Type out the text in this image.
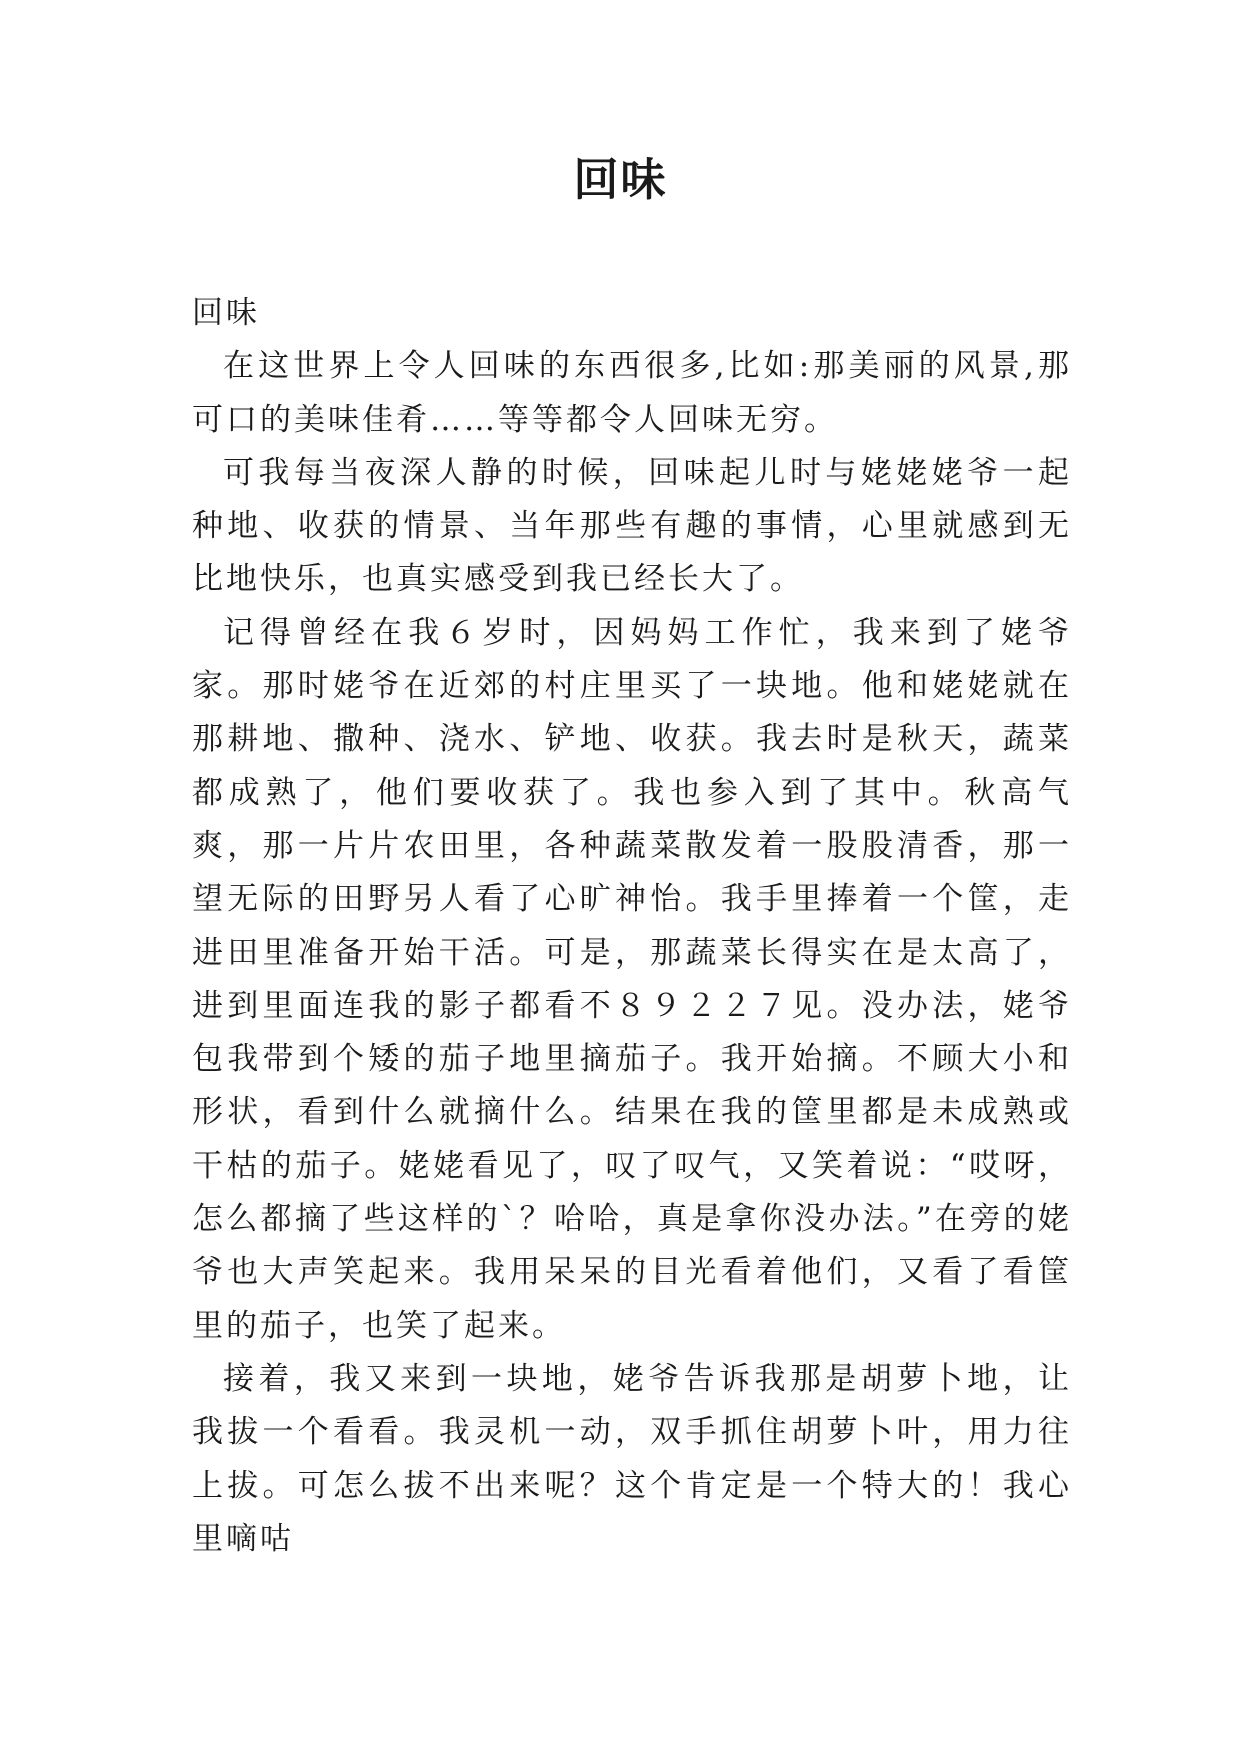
回味

回味

在这世界上令人回味的东西很多,比如:那美丽的风景,那可口的美味佳肴……等等都令人回味无穷。

可我每当夜深人静的时候，回味起儿时与姥姥姥爷一起种地、收获的情景、当年那些有趣的事情，心里就感到无比地快乐，也真实感受到我已经长大了。

记得曾经在我６岁时，因妈妈工作忙，我来到了姥爷家。那时姥爷在近郊的村庄里买了一块地。他和姥姥就在那耕地、撒种、浇水、铲地、收获。我去时是秋天，蔬菜都成熟了，他们要收获了。我也参入到了其中。秋高气爽，那一片片农田里，各种蔬菜散发着一股股清香，那一望无际的田野另人看了心旷神怡。我手里捧着一个筐，走进田里准备开始干活。可是，那蔬菜长得实在是太高了，进到里面连我的影子都看不８９２２７见。没办法，姥爷包我带到个矮的茄子地里摘茄子。我开始摘。不顾大小和形状，看到什么就摘什么。结果在我的筐里都是未成熟或干枯的茄子。姥姥看见了，叹了叹气，又笑着说：“哎呀，怎么都摘了些这样的`？哈哈，真是拿你没办法。”在旁的姥爷也大声笑起来。我用呆呆的目光看着他们，又看了看筐里的茄子，也笑了起来。

接着，我又来到一块地，姥爷告诉我那是胡萝卜地，让我拔一个看看。我灵机一动，双手抓住胡萝卜叶，用力往上拔。可怎么拔不出来呢？这个肯定是一个特大的！我心里嘀咕
